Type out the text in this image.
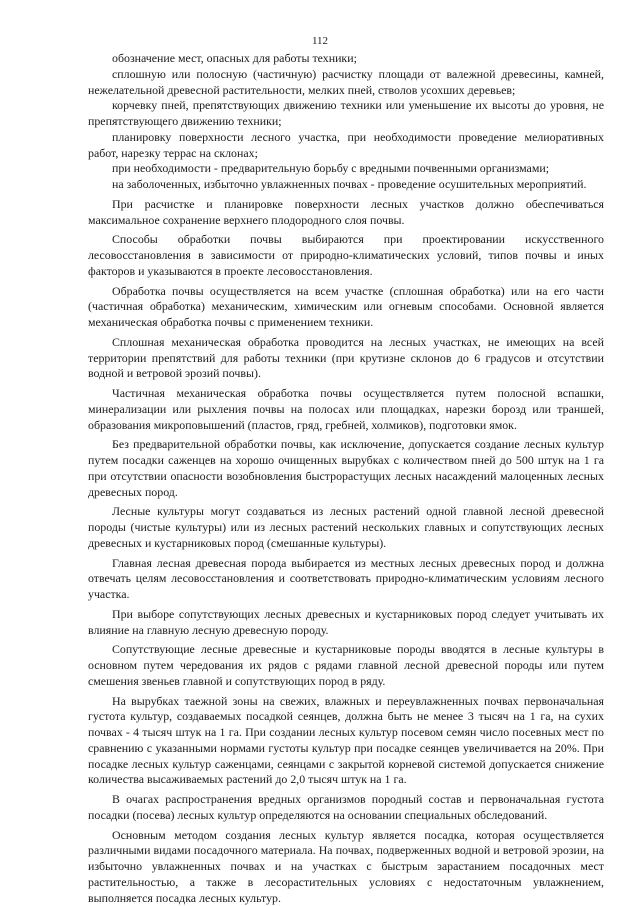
112

обозначение мест, опасных для работы техники;

сплошную или полосную (частичную) расчистку площади от валежной древесины, камней, нежелательной древесной растительности, мелких пней, стволов усохших деревьев;

корчевку пней, препятствующих движению техники или уменьшение их высоты до уровня, не препятствующего движению техники;

планировку поверхности лесного участка, при необходимости проведение мелиоративных работ, нарезку террас на склонах;

при необходимости - предварительную борьбу с вредными почвенными организмами;

на заболоченных, избыточно увлажненных почвах - проведение осушительных мероприятий.

При расчистке и планировке поверхности лесных участков должно обеспечиваться максимальное сохранение верхнего плодородного слоя почвы.

Способы обработки почвы выбираются при проектировании искусственного лесовосстановления в зависимости от природно-климатических условий, типов почвы и иных факторов и указываются в проекте лесовосстановления.

Обработка почвы осуществляется на всем участке (сплошная обработка) или на его части (частичная обработка) механическим, химическим или огневым способами. Основной является механическая обработка почвы с применением техники.

Сплошная механическая обработка проводится на лесных участках, не имеющих на всей территории препятствий для работы техники (при крутизне склонов до 6 градусов и отсутствии водной и ветровой эрозий почвы).

Частичная механическая обработка почвы осуществляется путем полосной вспашки, минерализации или рыхления почвы на полосах или площадках, нарезки борозд или траншей, образования микроповышений (пластов, гряд, гребней, холмиков), подготовки ямок.

Без предварительной обработки почвы, как исключение, допускается создание лесных культур путем посадки саженцев на хорошо очищенных вырубках с количеством пней до 500 штук на 1 га при отсутствии опасности возобновления быстрорастущих лесных насаждений малоценных лесных древесных пород.

Лесные культуры могут создаваться из лесных растений одной главной лесной древесной породы (чистые культуры) или из лесных растений нескольких главных и сопутствующих лесных древесных и кустарниковых пород (смешанные культуры).

Главная лесная древесная порода выбирается из местных лесных древесных пород и должна отвечать целям лесовосстановления и соответствовать природно-климатическим условиям лесного участка.

При выборе сопутствующих лесных древесных и кустарниковых пород следует учитывать их влияние на главную лесную древесную породу.

Сопутствующие лесные древесные и кустарниковые породы вводятся в лесные культуры в основном путем чередования их рядов с рядами главной лесной древесной породы или путем смешения звеньев главной и сопутствующих пород в ряду.

На вырубках таежной зоны на свежих, влажных и переувлажненных почвах первоначальная густота культур, создаваемых посадкой сеянцев, должна быть не менее 3 тысяч на 1 га, на сухих почвах - 4 тысяч штук на 1 га. При создании лесных культур посевом семян число посевных мест по сравнению с указанными нормами густоты культур при посадке сеянцев увеличивается на 20%. При посадке лесных культур саженцами, сеянцами с закрытой корневой системой допускается снижение количества высаживаемых растений до 2,0 тысяч штук на 1 га.

В очагах распространения вредных организмов породный состав и первоначальная густота посадки (посева) лесных культур определяются на основании специальных обследований.

Основным методом создания лесных культур является посадка, которая осуществляется различными видами посадочного материала. На почвах, подверженных водной и ветровой эрозии, на избыточно увлажненных почвах и на участках с быстрым зарастанием посадочных мест растительностью, а также в лесорастительных условиях с недостаточным увлажнением, выполняется посадка лесных культур.
